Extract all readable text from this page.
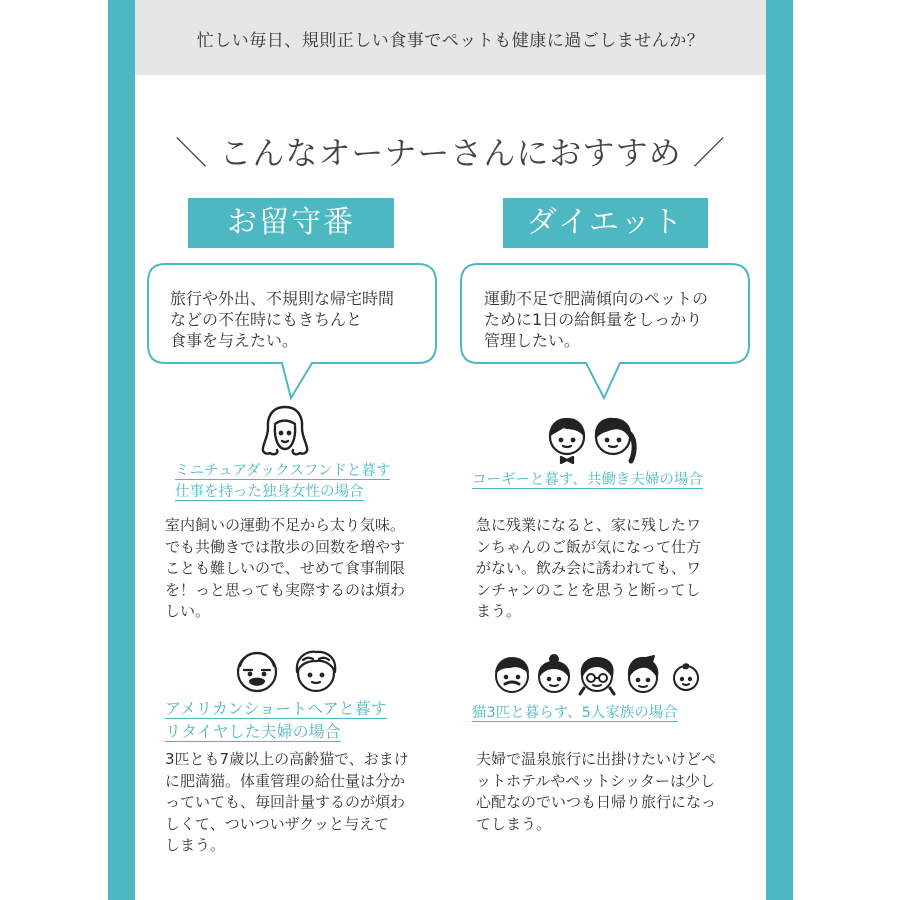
忙しい毎日、規則正しい食事でペットも健康に過ごしませんか？
＼ こんなオーナーさんにおすすめ ／
お留守番	ダイエット
旅行や外出、不規則な帰宅時間
などの不在時にもきちんと
食事を与えたい。
運動不足で肥満傾向のペットの
ために1日の給餌量をしっかり
管理したい。
ミニチュアダックスフンドと暮す
仕事を持った独身女性の場合
室内飼いの運動不足から太り気味。
でも共働きでは散歩の回数を増やす
ことも難しいので、せめて食事制限
を！っと思っても実際するのは煩わ
しい。
コーギーと暮す、共働き夫婦の場合
急に残業になると、家に残したワ
ンちゃんのご飯が気になって仕方
がない。飲み会に誘われても、ワ
ンチャンのことを思うと断ってし
まう。
アメリカンショートヘアと暮す
リタイヤした夫婦の場合
3匹とも7歳以上の高齢猫で、おまけ
に肥満猫。体重管理の給仕量は分か
っていても、毎回計量するのが煩わ
しくて、ついついザクッと与えて
しまう。
猫3匹と暮らす、5人家族の場合
夫婦で温泉旅行に出掛けたいけどペ
ットホテルやペットシッターは少し
心配なのでいつも日帰り旅行になっ
てしまう。
